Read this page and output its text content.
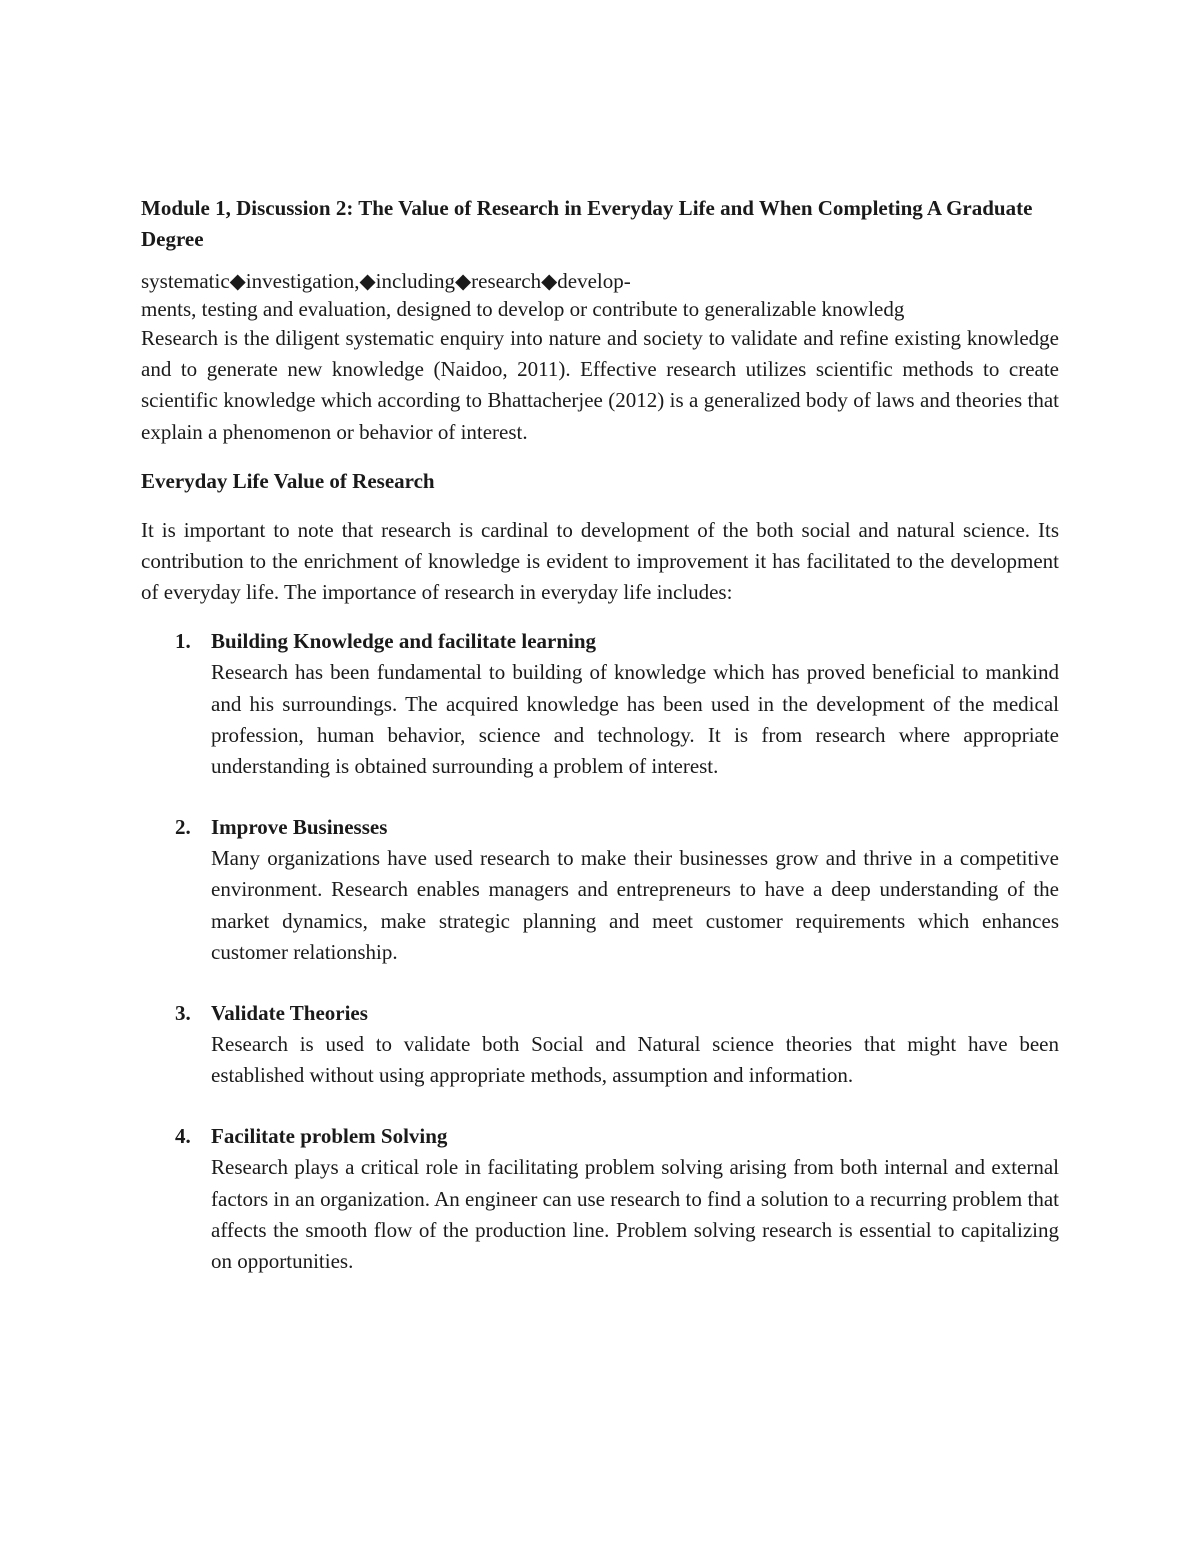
Module 1, Discussion 2: The Value of Research in Everyday Life and When Completing A Graduate Degree

systematic◆investigation,◆including◆research◆develop-
ments, testing and evaluation, designed to develop or contribute to generalizable knowledg

Research is the diligent systematic enquiry into nature and society to validate and refine existing knowledge and to generate new knowledge (Naidoo, 2011). Effective research utilizes scientific methods to create scientific knowledge which according to Bhattacherjee (2012) is a generalized body of laws and theories that explain a phenomenon or behavior of interest.

Everyday Life Value of Research

It is important to note that research is cardinal to development of the both social and natural science. Its contribution to the enrichment of knowledge is evident to improvement it has facilitated to the development of everyday life. The importance of research in everyday life includes:

1. Building Knowledge and facilitate learning

Research has been fundamental to building of knowledge which has proved beneficial to mankind and his surroundings. The acquired knowledge has been used in the development of the medical profession, human behavior, science and technology. It is from research where appropriate understanding is obtained surrounding a problem of interest.

2. Improve Businesses

Many organizations have used research to make their businesses grow and thrive in a competitive environment. Research enables managers and entrepreneurs to have a deep understanding of the market dynamics, make strategic planning and meet customer requirements which enhances customer relationship.

3. Validate Theories

Research is used to validate both Social and Natural science theories that might have been established without using appropriate methods, assumption and information.

4. Facilitate problem Solving

Research plays a critical role in facilitating problem solving arising from both internal and external factors in an organization. An engineer can use research to find a solution to a recurring problem that affects the smooth flow of the production line. Problem solving research is essential to capitalizing on opportunities.
